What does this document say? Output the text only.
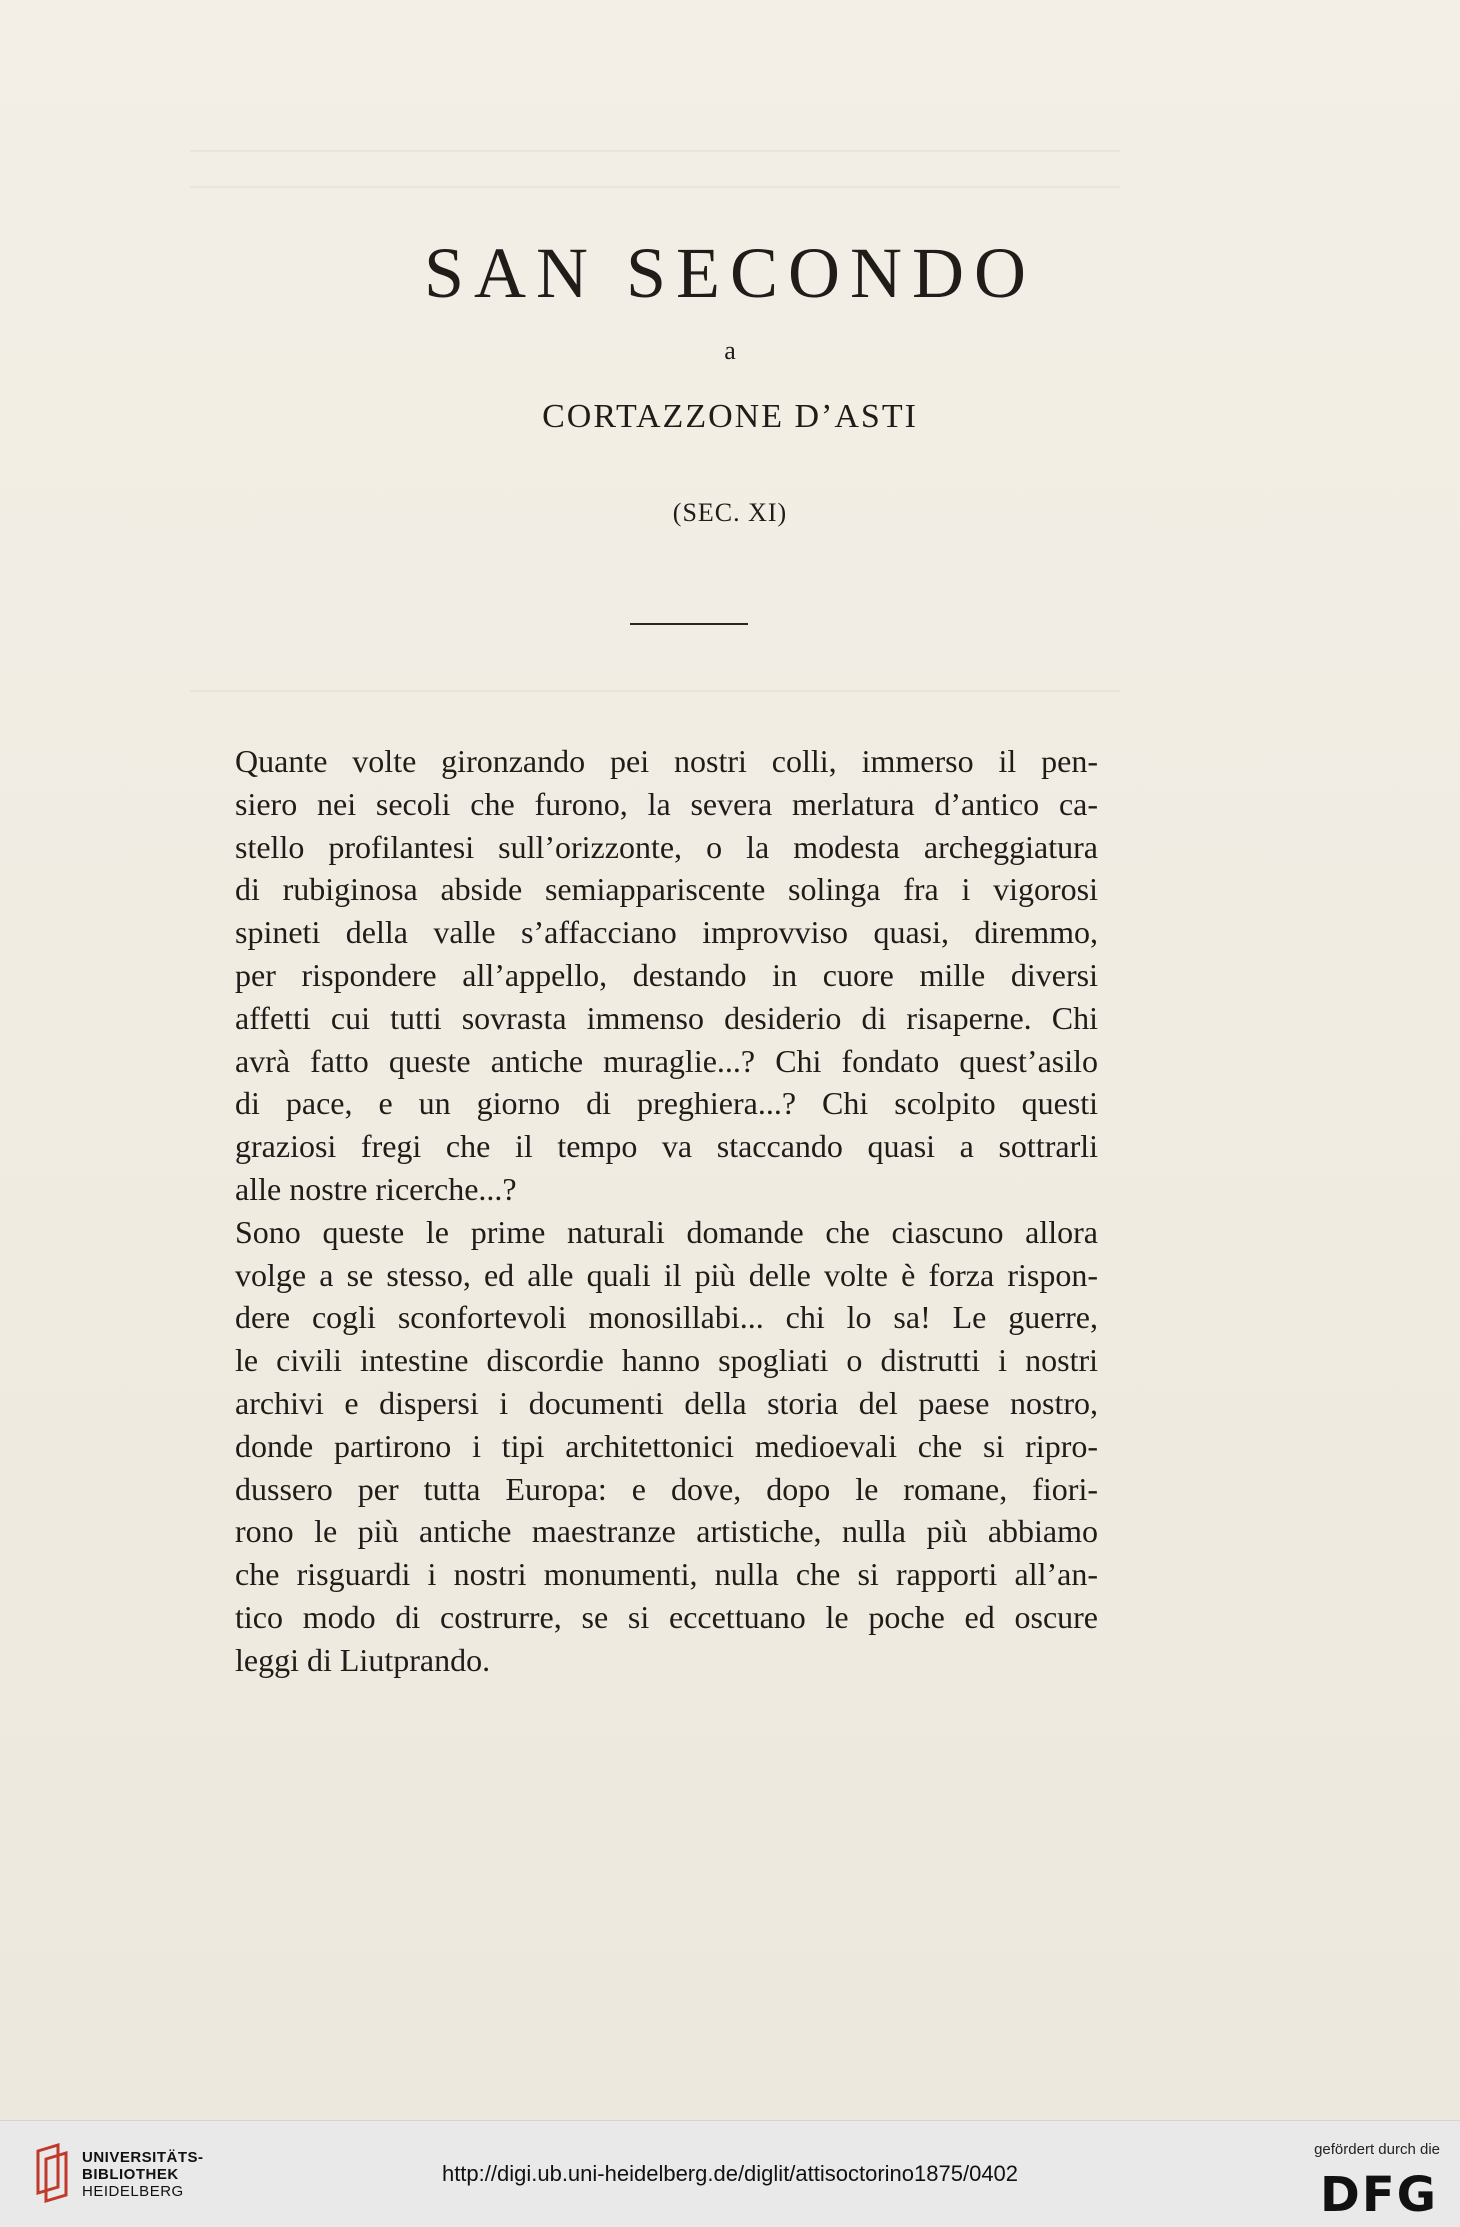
SAN SECONDO
a
CORTAZZONE D’ASTI
(SEC. XI)

Quante volte gironzando pei nostri colli, immerso il pen-
siero nei secoli che furono, la severa merlatura d’antico ca-
stello profilantesi sull’orizzonte, o la modesta archeggiatura
di rubiginosa abside semiappariscente solinga fra i vigorosi
spineti della valle s’affacciano improvviso quasi, diremmo,
per rispondere all’appello, destando in cuore mille diversi
affetti cui tutti sovrasta immenso desiderio di risaperne. Chi
avrà fatto queste antiche muraglie...? Chi fondato quest’asilo
di pace, e un giorno di preghiera...? Chi scolpito questi
graziosi fregi che il tempo va staccando quasi a sottrarli
alle nostre ricerche...?

Sono queste le prime naturali domande che ciascuno allora
volge a se stesso, ed alle quali il più delle volte è forza rispon-
dere cogli sconfortevoli monosillabi... chi lo sa! Le guerre,
le civili intestine discordie hanno spogliati o distrutti i nostri
archivi e dispersi i documenti della storia del paese nostro,
donde partirono i tipi architettonici medioevali che si ripro-
dussero per tutta Europa: e dove, dopo le romane, fiori-
rono le più antiche maestranze artistiche, nulla più abbiamo
che risguardi i nostri monumenti, nulla che si rapporti all’an-
tico modo di costrurre, se si eccettuano le poche ed oscure
leggi di Liutprando.

UNIVERSITÄTS-
BIBLIOTHEK
HEIDELBERG
http://digi.ub.uni-heidelberg.de/diglit/attisoctorino1875/0402
gefördert durch die
DFG
